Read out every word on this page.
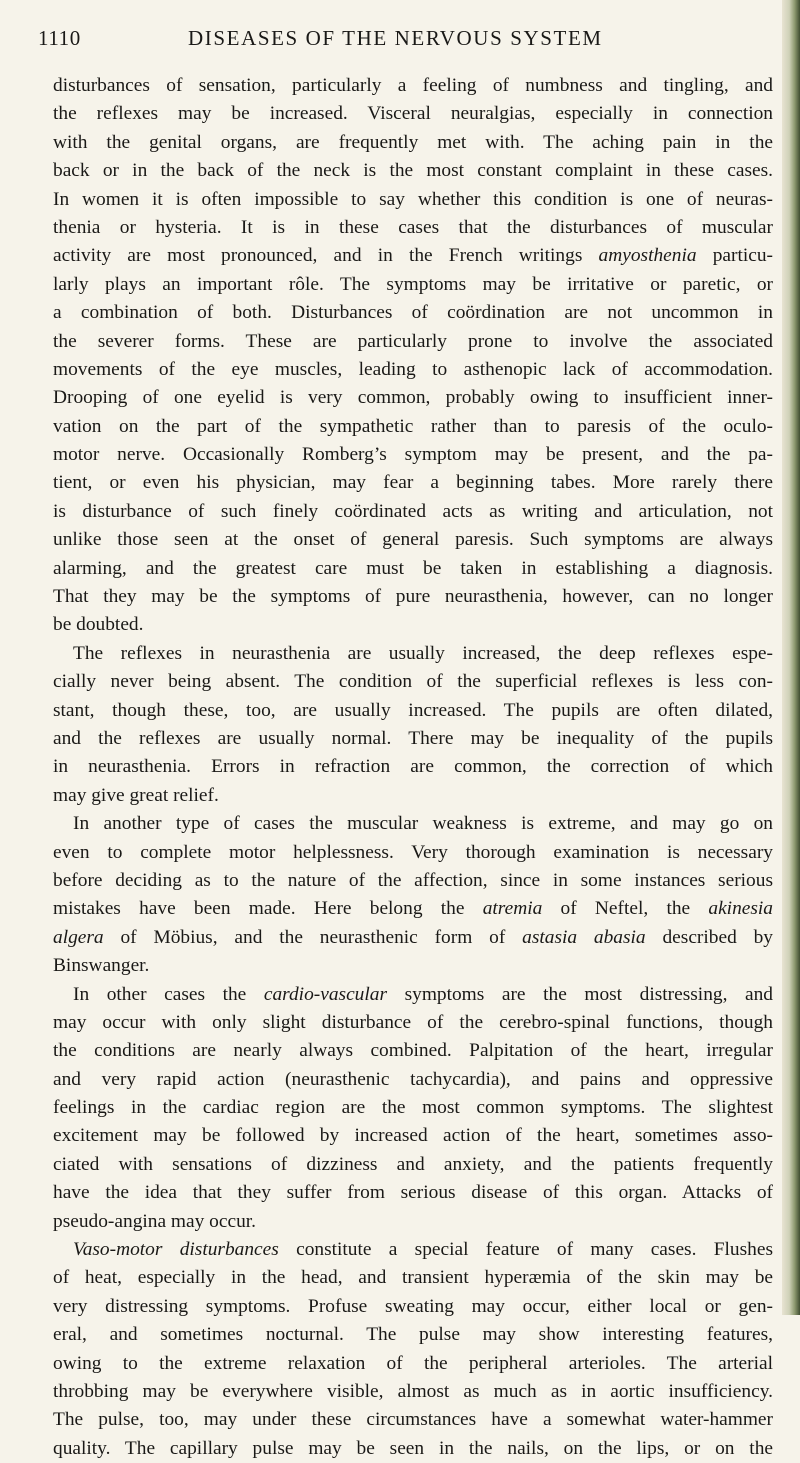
1110	DISEASES OF THE NERVOUS SYSTEM
disturbances of sensation, particularly a feeling of numbness and tingling, and
the reflexes may be increased. Visceral neuralgias, especially in connection
with the genital organs, are frequently met with. The aching pain in the
back or in the back of the neck is the most constant complaint in these cases.
In women it is often impossible to say whether this condition is one of neuras-
thenia or hysteria. It is in these cases that the disturbances of muscular
activity are most pronounced, and in the French writings amyosthenia particu-
larly plays an important rôle. The symptoms may be irritative or paretic, or
a combination of both. Disturbances of coördination are not uncommon in
the severer forms. These are particularly prone to involve the associated
movements of the eye muscles, leading to asthenopic lack of accommodation.
Drooping of one eyelid is very common, probably owing to insufficient inner-
vation on the part of the sympathetic rather than to paresis of the oculo-
motor nerve. Occasionally Romberg’s symptom may be present, and the pa-
tient, or even his physician, may fear a beginning tabes. More rarely there
is disturbance of such finely coördinated acts as writing and articulation, not
unlike those seen at the onset of general paresis. Such symptoms are always
alarming, and the greatest care must be taken in establishing a diagnosis.
That they may be the symptoms of pure neurasthenia, however, can no longer
be doubted.
The reflexes in neurasthenia are usually increased, the deep reflexes espe-
cially never being absent. The condition of the superficial reflexes is less con-
stant, though these, too, are usually increased. The pupils are often dilated,
and the reflexes are usually normal. There may be inequality of the pupils
in neurasthenia. Errors in refraction are common, the correction of which
may give great relief.
In another type of cases the muscular weakness is extreme, and may go on
even to complete motor helplessness. Very thorough examination is necessary
before deciding as to the nature of the affection, since in some instances serious
mistakes have been made. Here belong the atremia of Neftel, the akinesia
algera of Möbius, and the neurasthenic form of astasia abasia described by
Binswanger.
In other cases the cardio-vascular symptoms are the most distressing, and
may occur with only slight disturbance of the cerebro-spinal functions, though
the conditions are nearly always combined. Palpitation of the heart, irregular
and very rapid action (neurasthenic tachycardia), and pains and oppressive
feelings in the cardiac region are the most common symptoms. The slightest
excitement may be followed by increased action of the heart, sometimes asso-
ciated with sensations of dizziness and anxiety, and the patients frequently
have the idea that they suffer from serious disease of this organ. Attacks of
pseudo-angina may occur.
Vaso-motor disturbances constitute a special feature of many cases. Flushes
of heat, especially in the head, and transient hyperæmia of the skin may be
very distressing symptoms. Profuse sweating may occur, either local or gen-
eral, and sometimes nocturnal. The pulse may show interesting features,
owing to the extreme relaxation of the peripheral arterioles. The arterial
throbbing may be everywhere visible, almost as much as in aortic insufficiency.
The pulse, too, may under these circumstances have a somewhat water-hammer
quality. The capillary pulse may be seen in the nails, on the lips, or on the
